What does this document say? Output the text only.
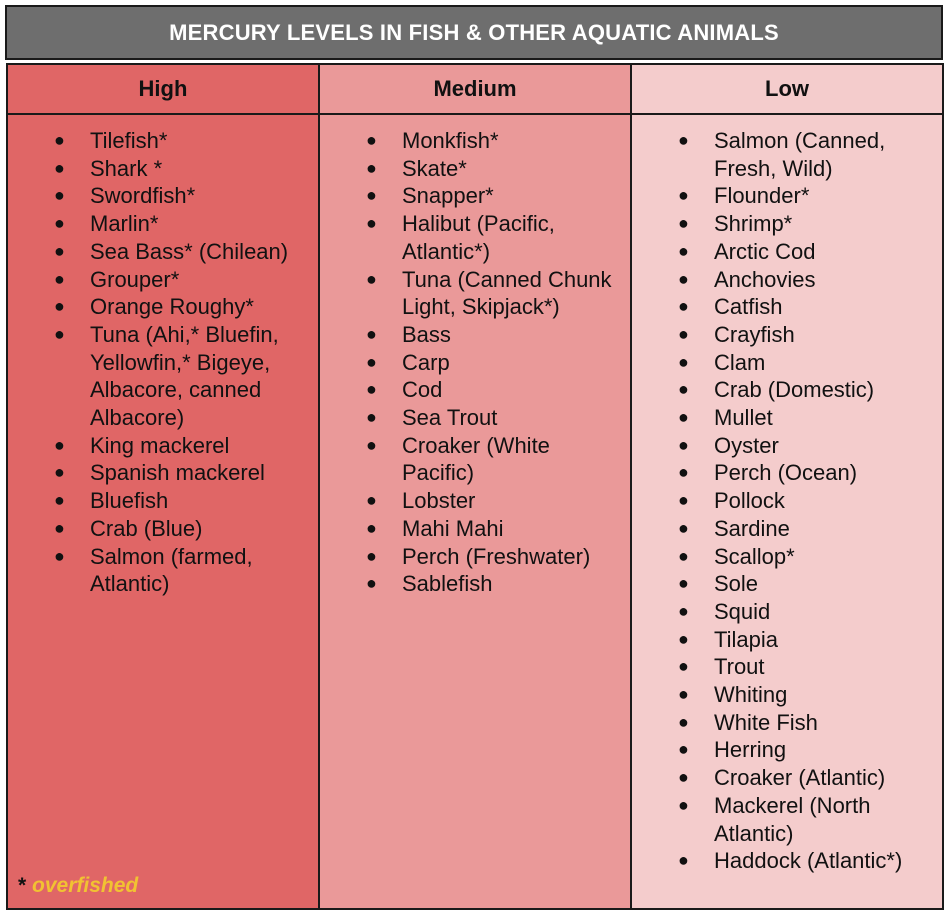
MERCURY LEVELS IN FISH & OTHER AQUATIC ANIMALS
High	Medium	Low
● Tilefish*
● Shark *
● Swordfish*
● Marlin*
● Sea Bass* (Chilean)
● Grouper*
● Orange Roughy*
● Tuna (Ahi,* Bluefin, Yellowfin,* Bigeye, Albacore, canned Albacore)
● King mackerel
● Spanish mackerel
● Bluefish
● Crab (Blue)
● Salmon (farmed, Atlantic)
* overfished
● Monkfish*
● Skate*
● Snapper*
● Halibut (Pacific, Atlantic*)
● Tuna (Canned Chunk Light, Skipjack*)
● Bass
● Carp
● Cod
● Sea Trout
● Croaker (White Pacific)
● Lobster
● Mahi Mahi
● Perch (Freshwater)
● Sablefish
● Salmon (Canned, Fresh, Wild)
● Flounder*
● Shrimp*
● Arctic Cod
● Anchovies
● Catfish
● Crayfish
● Clam
● Crab (Domestic)
● Mullet
● Oyster
● Perch (Ocean)
● Pollock
● Sardine
● Scallop*
● Sole
● Squid
● Tilapia
● Trout
● Whiting
● White Fish
● Herring
● Croaker (Atlantic)
● Mackerel (North Atlantic)
● Haddock (Atlantic*)
